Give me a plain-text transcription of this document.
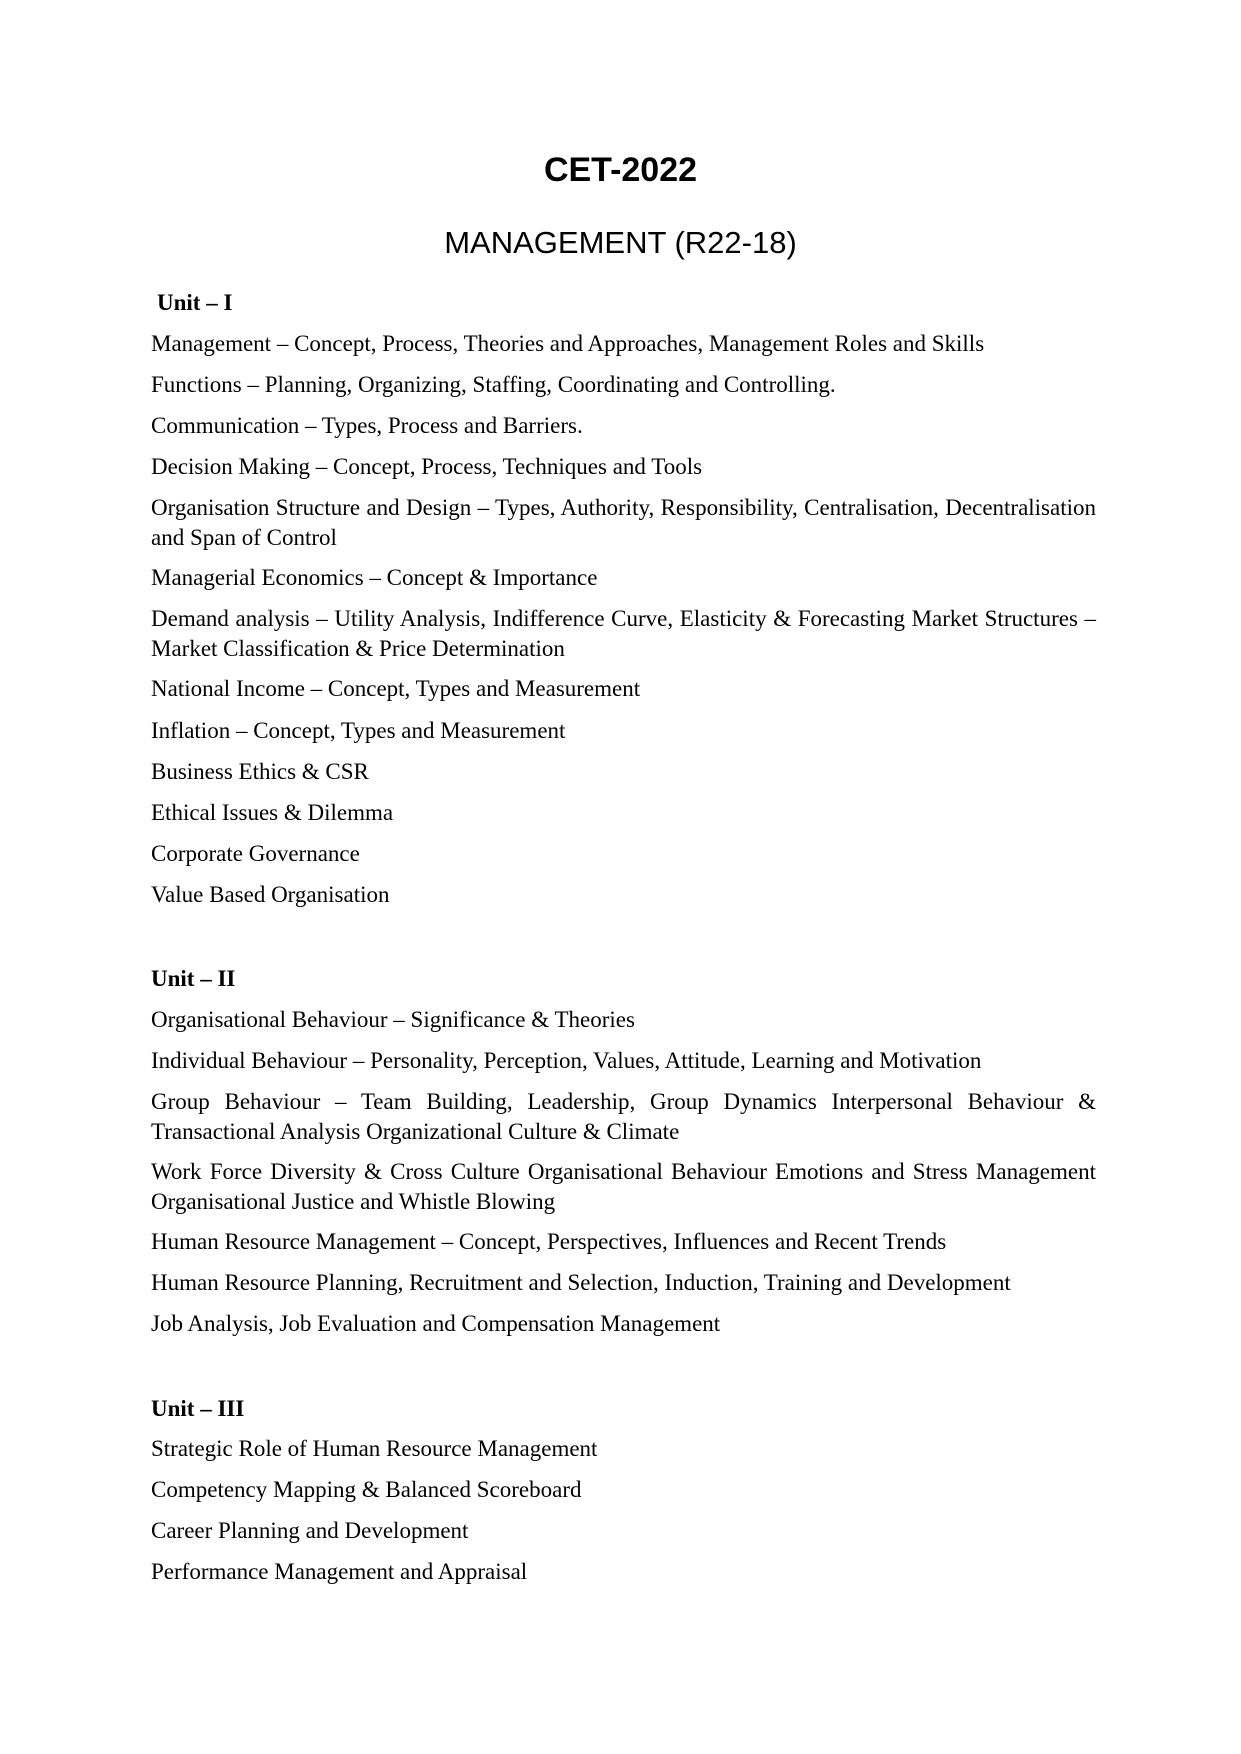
CET-2022
MANAGEMENT (R22-18)
Unit – I
Management – Concept, Process, Theories and Approaches, Management Roles and Skills
Functions – Planning, Organizing, Staffing, Coordinating and Controlling.
Communication – Types, Process and Barriers.
Decision Making – Concept, Process, Techniques and Tools
Organisation Structure and Design – Types, Authority, Responsibility, Centralisation, Decentralisation and Span of Control
Managerial Economics – Concept & Importance
Demand analysis – Utility Analysis, Indifference Curve, Elasticity & Forecasting Market Structures – Market Classification & Price Determination
National Income – Concept, Types and Measurement
Inflation – Concept, Types and Measurement
Business Ethics & CSR
Ethical Issues & Dilemma
Corporate Governance
Value Based Organisation
Unit – II
Organisational Behaviour – Significance & Theories
Individual Behaviour – Personality, Perception, Values, Attitude, Learning and Motivation
Group Behaviour – Team Building, Leadership, Group Dynamics Interpersonal Behaviour & Transactional Analysis Organizational Culture & Climate
Work Force Diversity & Cross Culture Organisational Behaviour Emotions and Stress Management Organisational Justice and Whistle Blowing
Human Resource Management – Concept, Perspectives, Influences and Recent Trends
Human Resource Planning, Recruitment and Selection, Induction, Training and Development
Job Analysis, Job Evaluation and Compensation Management
Unit – III
Strategic Role of Human Resource Management
Competency Mapping & Balanced Scoreboard
Career Planning and Development
Performance Management and Appraisal
